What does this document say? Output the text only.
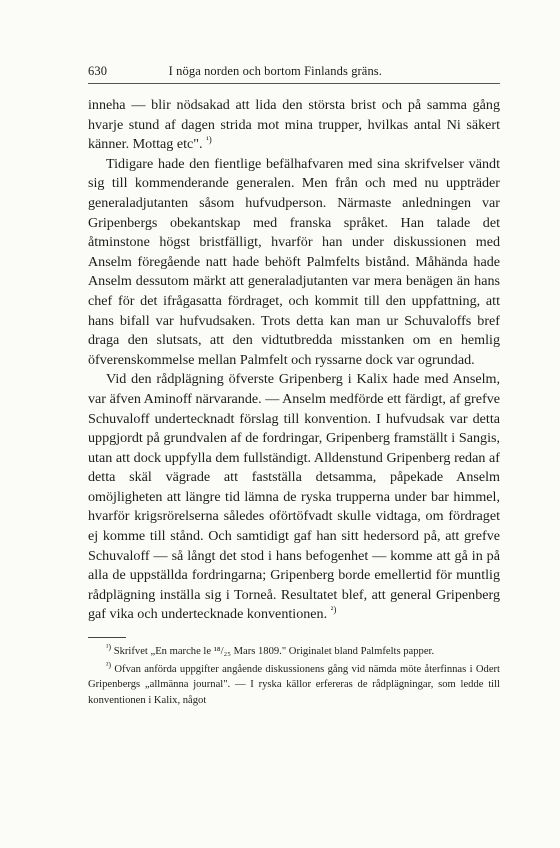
630	I nöga norden och bortom Finlands gräns.

inneha — blir nödsakad att lida den största brist och på samma gång hvarje stund af dagen strida mot mina trupper, hvilkas antal Ni säkert känner. Mottag etc". $^{^1)}$

Tidigare hade den fientlige befälhafvaren med sina skrifvelser vändt sig till kommenderande generalen. Men från och med nu uppträder generaladjutanten såsom hufvudperson. Närmaste anledningen var Gripenbergs obekantskap med franska språket. Han talade det åtminstone högst bristfälligt, hvarför han under diskussionen med Anselm föregående natt hade behöft Palmfelts bistånd. Måhända hade Anselm dessutom märkt att generaladjutanten var mera benägen än hans chef för det ifrågasatta fördraget, och kommit till den uppfattning, att hans bifall var hufvudsaken. Trots detta kan man ur Schuvaloffs bref draga den slutsats, att den vidtutbredda misstanken om en hemlig öfverenskommelse mellan Palmfelt och ryssarne dock var ogrundad.

Vid den rådplägning öfverste Gripenberg i Kalix hade med Anselm, var äfven Aminoff närvarande. — Anselm medförde ett färdigt, af grefve Schuvaloff undertecknadt förslag till konvention. I hufvudsak var detta uppgjordt på grundvalen af de fordringar, Gripenberg framställt i Sangis, utan att dock uppfylla dem fullständigt. Alldenstund Gripenberg redan af detta skäl vägrade att fastställa detsamma, påpekade Anselm omöjligheten att längre tid lämna de ryska trupperna under bar himmel, hvarför krigsrörelserna således oförtöfvadt skulle vidtaga, om fördraget ej komme till stånd. Och samtidigt gaf han sitt hedersord på, att grefve Schuvaloff — så långt det stod i hans befogenhet — komme att gå in på alla de uppställda fordringarna; Gripenberg borde emellertid för muntlig rådplägning inställa sig i Torneå. Resultatet blef, att general Gripenberg gaf vika och undertecknade konventionen. $^{^2)}$

$^{^1)}$ Skrifvet „En marche le ¹⁸/₂₅ Mars 1809." Originalet bland Palmfelts papper.

$^{^2)}$ Ofvan anförda uppgifter angående diskussionens gång vid nämda möte återfinnas i Odert Gripenbergs „allmänna journal". — I ryska källor erfereras de rådplägningar, som ledde till konventionen i Kalix, något
